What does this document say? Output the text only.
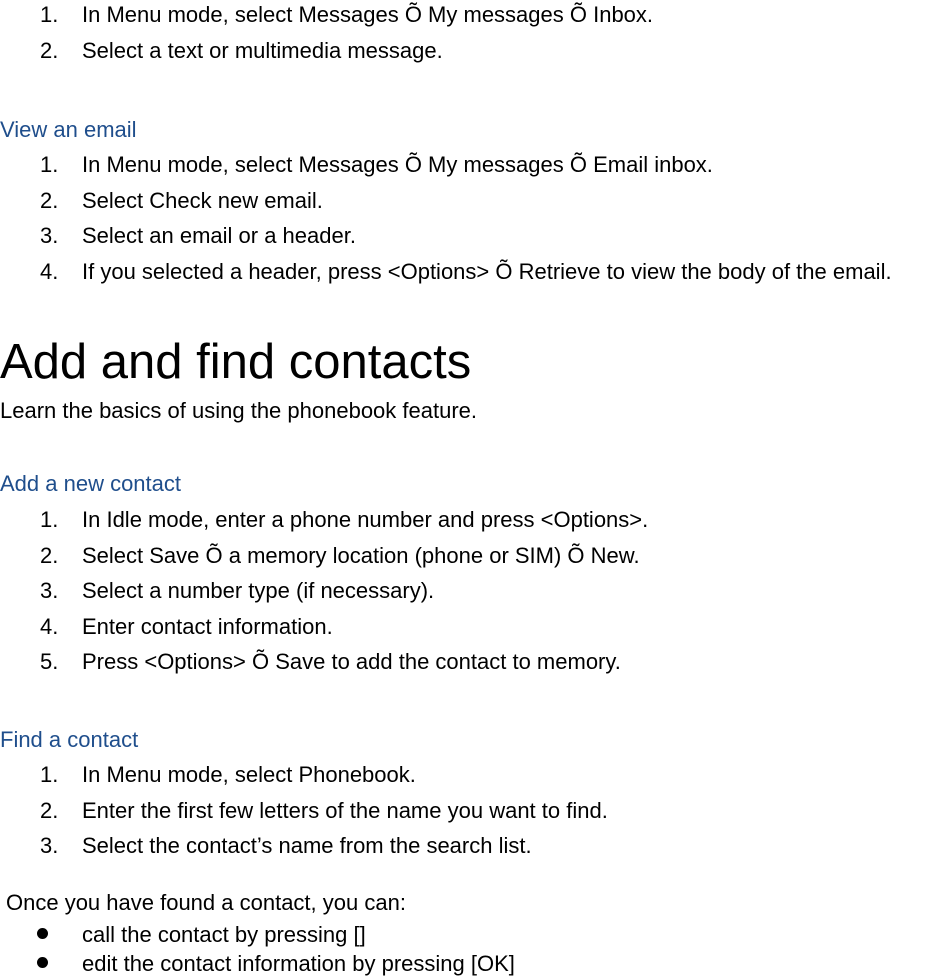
1. In Menu mode, select Messages Õ My messages Õ Inbox.
2. Select a text or multimedia message.
View an email
1. In Menu mode, select Messages Õ My messages Õ Email inbox.
2. Select Check new email.
3. Select an email or a header.
4. If you selected a header, press <Options> Õ Retrieve to view the body of the email.
Add and find contacts
Learn the basics of using the phonebook feature.
Add a new contact
1. In Idle mode, enter a phone number and press <Options>.
2. Select Save Õ a memory location (phone or SIM) Õ New.
3. Select a number type (if necessary).
4. Enter contact information.
5. Press <Options> Õ Save to add the contact to memory.
Find a contact
1. In Menu mode, select Phonebook.
2. Enter the first few letters of the name you want to find.
3. Select the contact’s name from the search list.
Once you have found a contact, you can:
call the contact by pressing []
edit the contact information by pressing [OK]
